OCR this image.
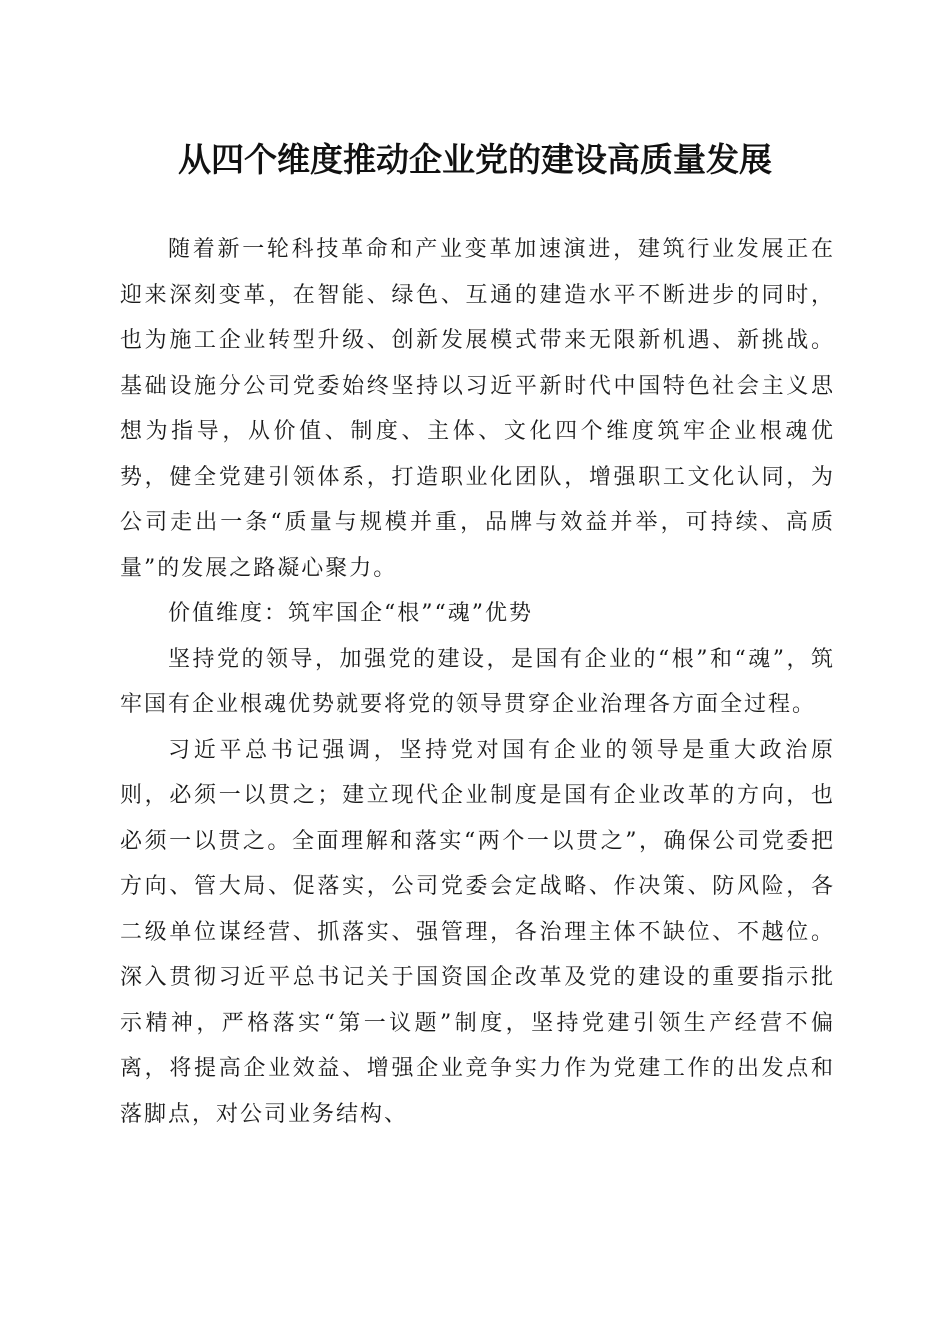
从四个维度推动企业党的建设高质量发展

随着新一轮科技革命和产业变革加速演进，建筑行业发展正在迎来深刻变革，在智能、绿色、互通的建造水平不断进步的同时，也为施工企业转型升级、创新发展模式带来无限新机遇、新挑战。基础设施分公司党委始终坚持以习近平新时代中国特色社会主义思想为指导，从价值、制度、主体、文化四个维度筑牢企业根魂优势，健全党建引领体系，打造职业化团队，增强职工文化认同，为公司走出一条“质量与规模并重，品牌与效益并举，可持续、高质量”的发展之路凝心聚力。

价值维度：筑牢国企“根”“魂”优势

坚持党的领导，加强党的建设，是国有企业的“根”和“魂”，筑牢国有企业根魂优势就要将党的领导贯穿企业治理各方面全过程。

习近平总书记强调，坚持党对国有企业的领导是重大政治原则，必须一以贯之；建立现代企业制度是国有企业改革的方向，也必须一以贯之。全面理解和落实“两个一以贯之”，确保公司党委把方向、管大局、促落实，公司党委会定战略、作决策、防风险，各二级单位谋经营、抓落实、强管理，各治理主体不缺位、不越位。深入贯彻习近平总书记关于国资国企改革及党的建设的重要指示批示精神，严格落实“第一议题”制度，坚持党建引领生产经营不偏离，将提高企业效益、增强企业竞争实力作为党建工作的出发点和落脚点，对公司业务结构、
